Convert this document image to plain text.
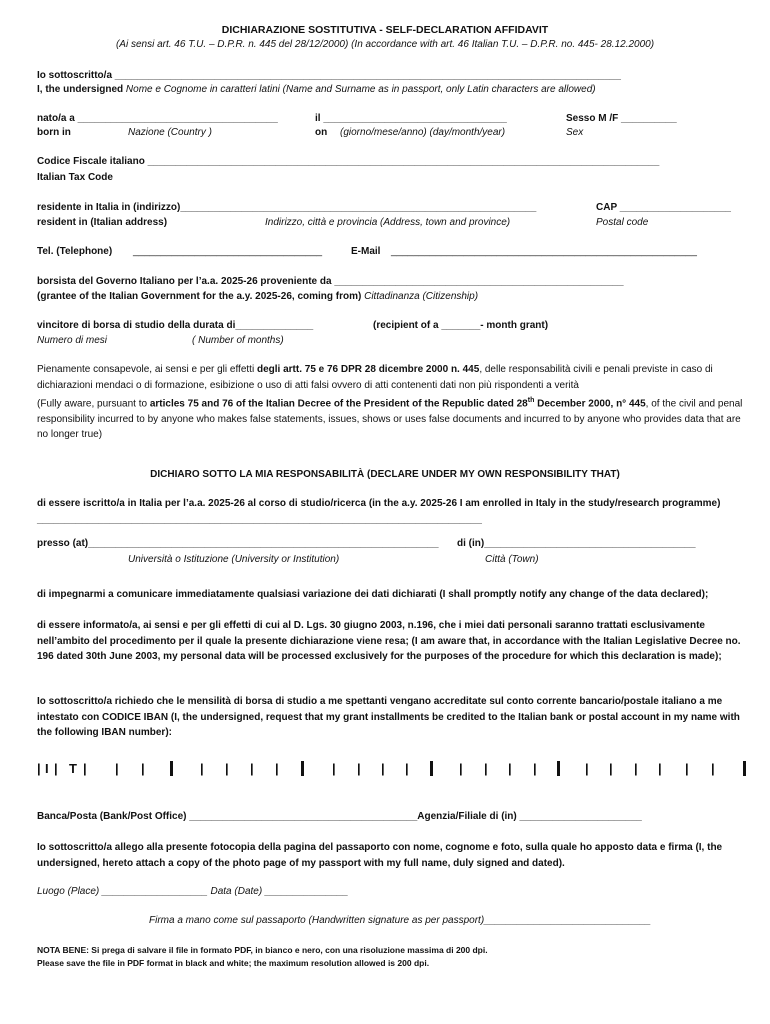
DICHIARAZIONE SOSTITUTIVA - SELF-DECLARATION AFFIDAVIT
(Ai sensi art. 46 T.U. – D.P.R. n. 445 del 28/12/2000) (In accordance with art. 46 Italian T.U. – D.P.R. no. 445- 28.12.2000)
Io sottoscritto/a ___________________________________________________________________________________________
I, the undersigned Nome e Cognome in caratteri latini (Name and Surname as in passport, only Latin characters are allowed)
nato/a a ____________________________________	il _________________________________	Sesso M /F __________
born in	Nazione (Country )	on (giorno/mese/anno) (day/month/year)	Sex
Codice Fiscale italiano ____________________________________________________________________________________________
Italian Tax Code
residente in Italia in (indirizzo)________________________________________________________________	CAP ____________________
resident in (Italian address)	Indirizzo, città e provincia (Address, town and province)	Postal code
Tel. (Telephone) __________________________________	E-Mail _______________________________________________________
borsista del Governo Italiano per l’a.a. 2025-26 proveniente da ____________________________________________________
(grantee of the Italian Government for the a.y. 2025-26, coming from) Cittadinanza (Citizenship)
vincitore di borsa di studio della durata di______________	(recipient of a _______- month grant)
Numero di mesi	( Number of months)
Pienamente consapevole, ai sensi e per gli effetti degli artt. 75 e 76 DPR 28 dicembre 2000 n. 445, delle responsabilità civili e penali previste in caso di dichiarazioni mendaci o di formazione, esibizione o uso di atti falsi ovvero di atti contenenti dati non più rispondenti a verità
(Fully aware, pursuant to articles 75 and 76 of the Italian Decree of the President of the Republic dated 28th December 2000, n° 445, of the civil and penal responsibility incurred to by anyone who makes false statements, issues, shows or uses false documents and incurred to by anyone who provides data that are no longer true)
DICHIARO SOTTO LA MIA RESPONSABILITÀ (DECLARE UNDER MY OWN RESPONSIBILITY THAT)
di essere iscritto/a in Italia per l’a.a. 2025-26 al corso di studio/ricerca (in the a.y. 2025-26 I am enrolled in Italy in the study/research programme) ________________________________________________________________________________
presso (at)_______________________________________________________________ di (in)______________________________________
Università o Istituzione (University or Institution)	Città (Town)
di impegnarmi a comunicare immediatamente qualsiasi variazione dei dati dichiarati (I shall promptly notify any change of the data declared);
di essere informato/a, ai sensi e per gli effetti di cui al D. Lgs. 30 giugno 2003, n.196, che i miei dati personali saranno trattati esclusivamente nell’ambito del procedimento per il quale la presente dichiarazione viene resa; (I am aware that, in accordance with the Italian Legislative Decree no. 196 dated 30th June 2003, my personal data will be processed exclusively for the purposes of the procedure for which this declaration is made);
Io sottoscritto/a richiedo che le mensilità di borsa di studio a me spettanti vengano accreditate sul conto corrente bancario/postale italiano a me intestato con CODICE IBAN (I, the undersigned, request that my grant installments be credited to the Italian bank or postal account in my name with the following IBAN number):
| I | T | | |	| | | |	| | | |	| | | |	| | | | | |
Banca/Posta (Bank/Post Office) _________________________________________Agenzia/Filiale di (in) ______________________
Io sottoscritto/a allego alla presente fotocopia della pagina del passaporto con nome, cognome e foto, sulla quale ho apposto data e firma (I, the undersigned, hereto attach a copy of the photo page of my passport with my full name, duly signed and dated).
Luogo (Place) ___________________ Data (Date) _______________
Firma a mano come sul passaporto (Handwritten signature as per passport)______________________________
NOTA BENE: Si prega di salvare il file in formato PDF, in bianco e nero, con una risoluzione massima di 200 dpi.
Please save the file in PDF format in black and white; the maximum resolution allowed is 200 dpi.
